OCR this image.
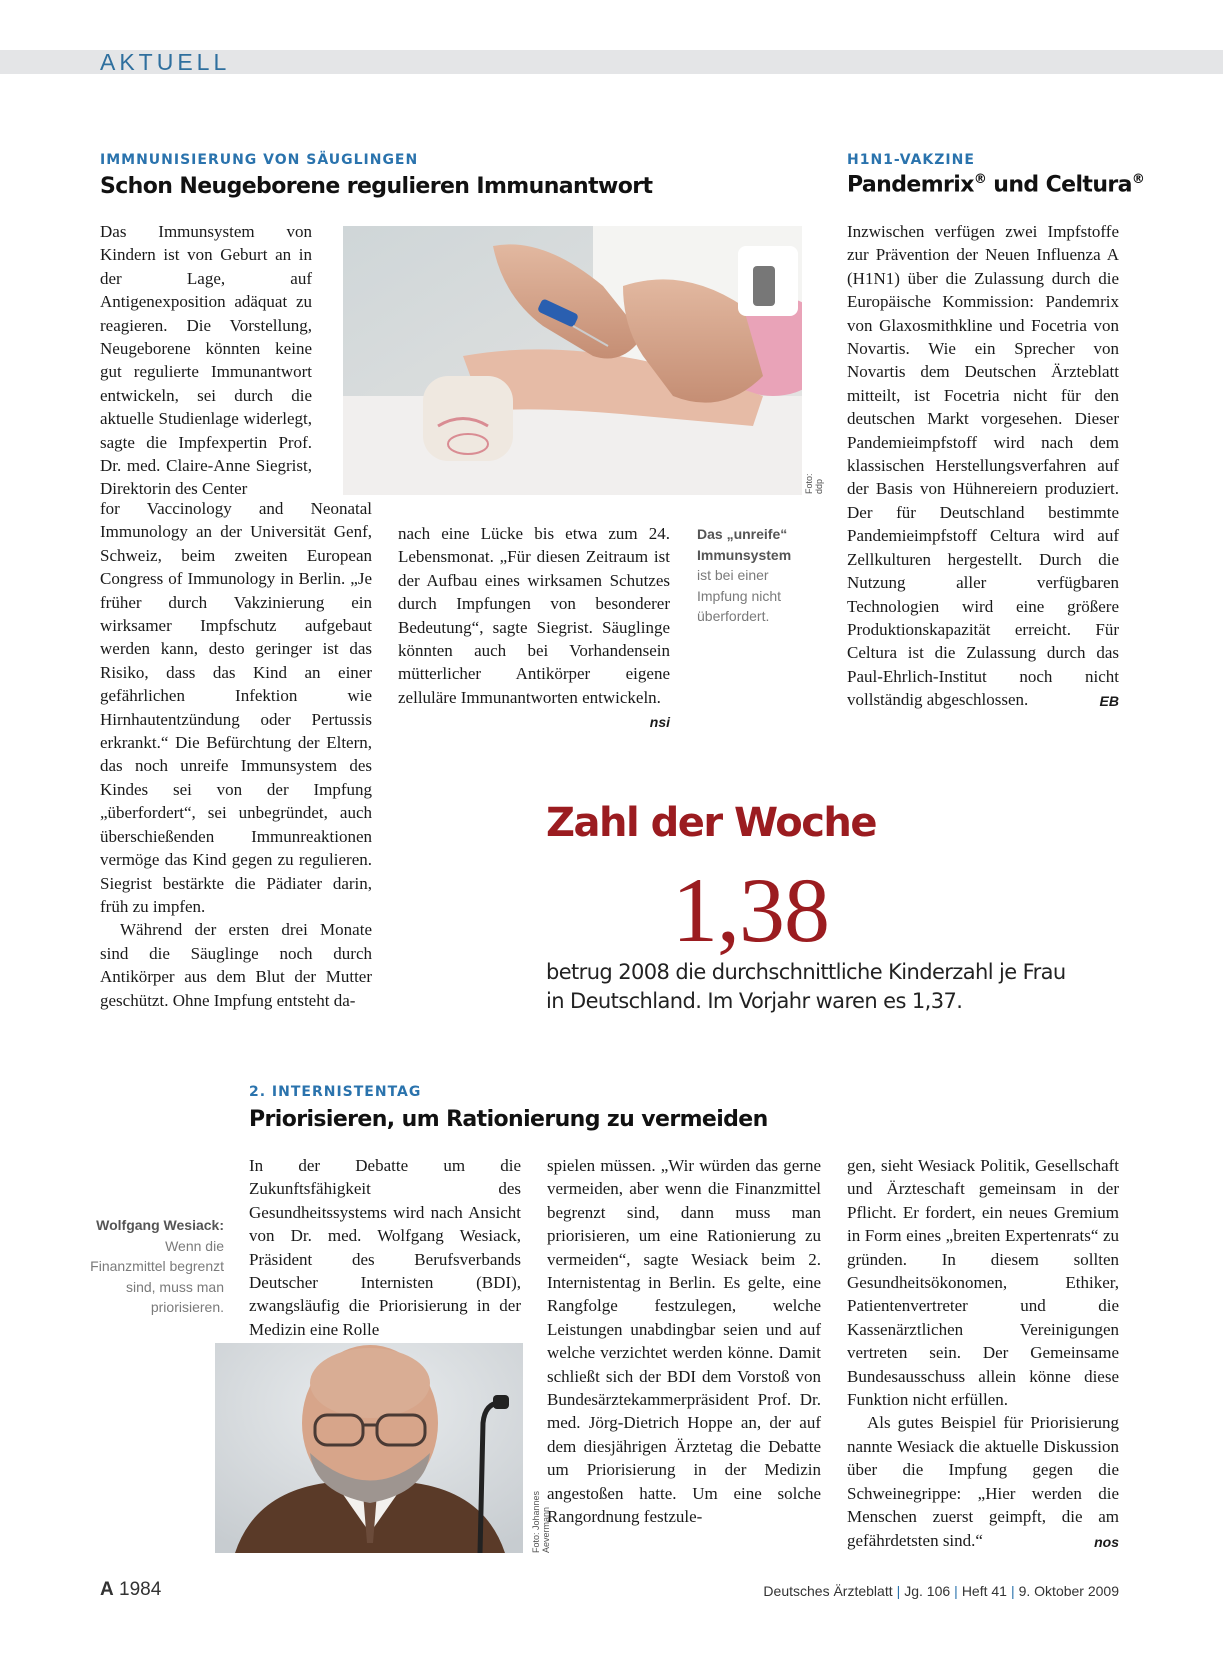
AKTUELL
IMMNUNISIERUNG VON SÄUGLINGEN
Schon Neugeborene regulieren Immunantwort

Das Immunsystem von Kindern ist von Geburt an in der Lage, auf Antigenexposition adäquat zu reagieren. Die Vorstellung, Neugeborene könnten keine gut regulierte Immunantwort entwickeln, sei durch die aktuelle Studienlage widerlegt, sagte die Impfexpertin Prof. Dr. med. Claire-Anne Siegrist, Direktorin des Center	Foto: ddp

for Vaccinology and Neonatal Immunology an der Universität Genf, Schweiz, beim zweiten European Congress of Immunology in Berlin. „Je früher durch Vakzinierung ein wirksamer Impfschutz aufgebaut werden kann, desto geringer ist das Risiko, dass das Kind an einer gefährlichen Infektion wie Hirnhautentzündung oder Pertussis erkrankt.“ Die Befürchtung der Eltern, das noch unreife Immunsystem des Kindes sei von der Impfung „überfordert“, sei unbegründet, auch überschießenden Immunreaktionen vermöge das Kind gegen zu regulieren. Siegrist bestärkte die Pädiater darin, früh zu impfen.

Während der ersten drei Monate sind die Säuglinge noch durch Antikörper aus dem Blut der Mutter geschützt. Ohne Impfung entsteht da-

nach eine Lücke bis etwa zum 24. Lebensmonat. „Für diesen Zeitraum ist der Aufbau eines wirksamen Schutzes durch Impfungen von besonderer Bedeutung“, sagte Siegrist. Säuglinge könnten auch bei Vorhandensein mütterlicher Antikörper eigene zelluläre Immunantworten entwickeln.
nsi

Das „unreife“ Immunsystem ist bei einer Impfung nicht überfordert.
H1N1-VAKZINE
Pandemrix® und Celtura®

Inzwischen verfügen zwei Impfstoffe zur Prävention der Neuen Influenza A (H1N1) über die Zulassung durch die Europäische Kommission: Pandemrix von Glaxosmithkline und Focetria von Novartis. Wie ein Sprecher von Novartis dem Deutschen Ärzteblatt mitteilt, ist Focetria nicht für den deutschen Markt vorgesehen. Dieser Pandemieimpfstoff wird nach dem klassischen Herstellungsverfahren auf der Basis von Hühnereiern produziert. Der für Deutschland bestimmte Pandemieimpfstoff Celtura wird auf Zellkulturen hergestellt. Durch die Nutzung aller verfügbaren Technologien wird eine größere Produktionskapazität erreicht. Für Celtura ist die Zulassung durch das Paul-Ehrlich-Institut noch nicht vollständig abgeschlossen.	EB

Zahl der Woche
1,38
betrug 2008 die durchschnittliche Kinderzahl je Frau
in Deutschland. Im Vorjahr waren es 1,37.
2. INTERNISTENTAG
Priorisieren, um Rationierung zu vermeiden
Wolfgang Wesiack: Wenn die Finanzmittel begrenzt sind, muss man priorisieren.

In der Debatte um die Zukunftsfähigkeit des Gesundheitssystems wird nach Ansicht von Dr. med. Wolfgang Wesiack, Präsident des Berufsverbands Deutscher Internisten (BDI), zwangsläufig die Priorisierung in der Medizin eine Rolle

Foto: Johannes Aevermann

spielen müssen. „Wir würden das gerne vermeiden, aber wenn die Finanzmittel begrenzt sind, dann muss man priorisieren, um eine Rationierung zu vermeiden“, sagte Wesiack beim 2. Internistentag in Berlin. Es gelte, eine Rangfolge festzulegen, welche Leistungen unabdingbar seien und auf welche verzichtet werden könne. Damit schließt sich der BDI dem Vorstoß von Bundesärztekammerpräsident Prof. Dr. med. Jörg-Dietrich Hoppe an, der auf dem diesjährigen Ärztetag die Debatte um Priorisierung in der Medizin angestoßen hatte. Um eine solche Rangordnung festzule-

gen, sieht Wesiack Politik, Gesellschaft und Ärzteschaft gemeinsam in der Pflicht. Er fordert, ein neues Gremium in Form eines „breiten Expertenrats“ zu gründen. In diesem sollten Gesundheitsökonomen, Ethiker, Patientenvertreter und die Kassenärztlichen Vereinigungen vertreten sein. Der Gemeinsame Bundesausschuss allein könne diese Funktion nicht erfüllen.

Als gutes Beispiel für Priorisierung nannte Wesiack die aktuelle Diskussion über die Impfung gegen die Schweinegrippe: „Hier werden die Menschen zuerst geimpft, die am gefährdetsten sind.“	nos

A 1984	Deutsches Ärzteblatt | Jg. 106 | Heft 41 | 9. Oktober 2009
